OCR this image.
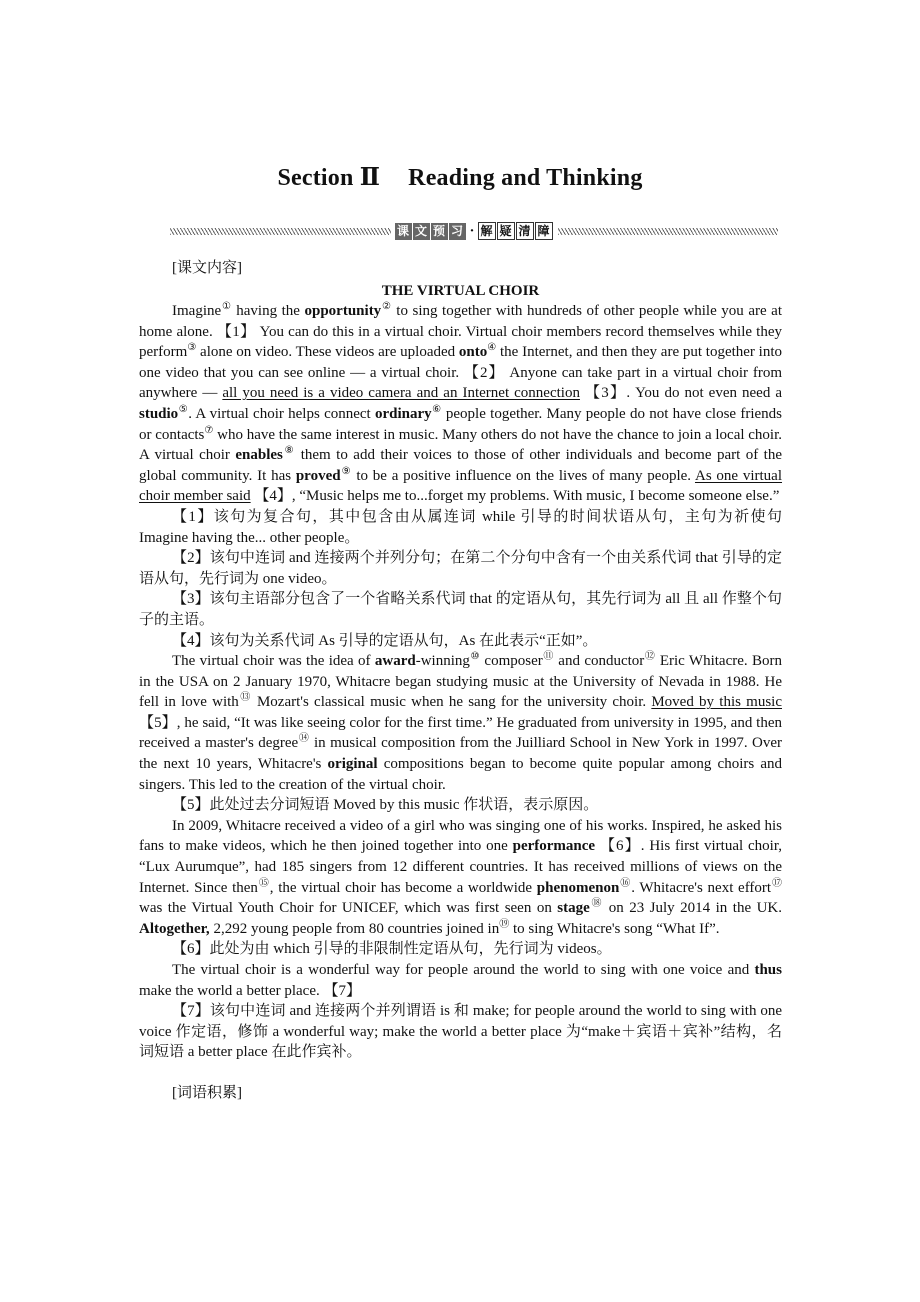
Section Ⅱ Reading and Thinking
课 文 预 习 · 解 疑 清 障
[课文内容]
THE VIRTUAL CHOIR

Imagine① having the opportunity② to sing together with hundreds of other people while you are at home alone. 【1】 You can do this in a virtual choir. Virtual choir members record themselves while they perform③ alone on video. These videos are uploaded onto④ the Internet, and then they are put together into one video that you can see online — a virtual choir. 【2】 Anyone can take part in a virtual choir from anywhere — all you need is a video camera and an Internet connection 【3】. You do not even need a studio⑤. A virtual choir helps connect ordinary⑥ people together. Many people do not have close friends or contacts⑦ who have the same interest in music. Many others do not have the chance to join a local choir. A virtual choir enables⑧ them to add their voices to those of other individuals and become part of the global community. It has proved⑨ to be a positive influence on the lives of many people. As one virtual choir member said 【4】, “Music helps me to...forget my problems. With music, I become someone else.”

【1】该句为复合句，其中包含由从属连词 while 引导的时间状语从句，主句为祈使句 Imagine having the... other people。

【2】该句中连词 and 连接两个并列分句；在第二个分句中含有一个由关系代词 that 引导的定语从句，先行词为 one video。

【3】该句主语部分包含了一个省略关系代词 that 的定语从句，其先行词为 all 且 all 作整个句子的主语。

【4】该句为关系代词 As 引导的定语从句，As 在此表示“正如”。

The virtual choir was the idea of award-winning⑩ composer⑪ and conductor⑫ Eric Whitacre. Born in the USA on 2 January 1970, Whitacre began studying music at the University of Nevada in 1988. He fell in love with⑬ Mozart's classical music when he sang for the university choir. Moved by this music 【5】, he said, “It was like seeing color for the first time.” He graduated from university in 1995, and then received a master's degree⑭ in musical composition from the Juilliard School in New York in 1997. Over the next 10 years, Whitacre's original compositions began to become quite popular among choirs and singers. This led to the creation of the virtual choir.

【5】此处过去分词短语 Moved by this music 作状语，表示原因。

In 2009, Whitacre received a video of a girl who was singing one of his works. Inspired, he asked his fans to make videos, which he then joined together into one performance 【6】. His first virtual choir, “Lux Aurumque”, had 185 singers from 12 different countries. It has received millions of views on the Internet. Since then⑮, the virtual choir has become a worldwide phenomenon⑯. Whitacre's next effort⑰ was the Virtual Youth Choir for UNICEF, which was first seen on stage⑱ on 23 July 2014 in the UK. Altogether, 2,292 young people from 80 countries joined in⑲ to sing Whitacre's song “What If”.

【6】此处为由 which 引导的非限制性定语从句，先行词为 videos。

The virtual choir is a wonderful way for people around the world to sing with one voice and thus make the world a better place. 【7】

【7】该句中连词 and 连接两个并列谓语 is 和 make; for people around the world to sing with one voice 作定语，修饰 a wonderful way; make the world a better place 为“make＋宾语＋宾补”结构，名词短语 a better place 在此作宾补。

[词语积累]
